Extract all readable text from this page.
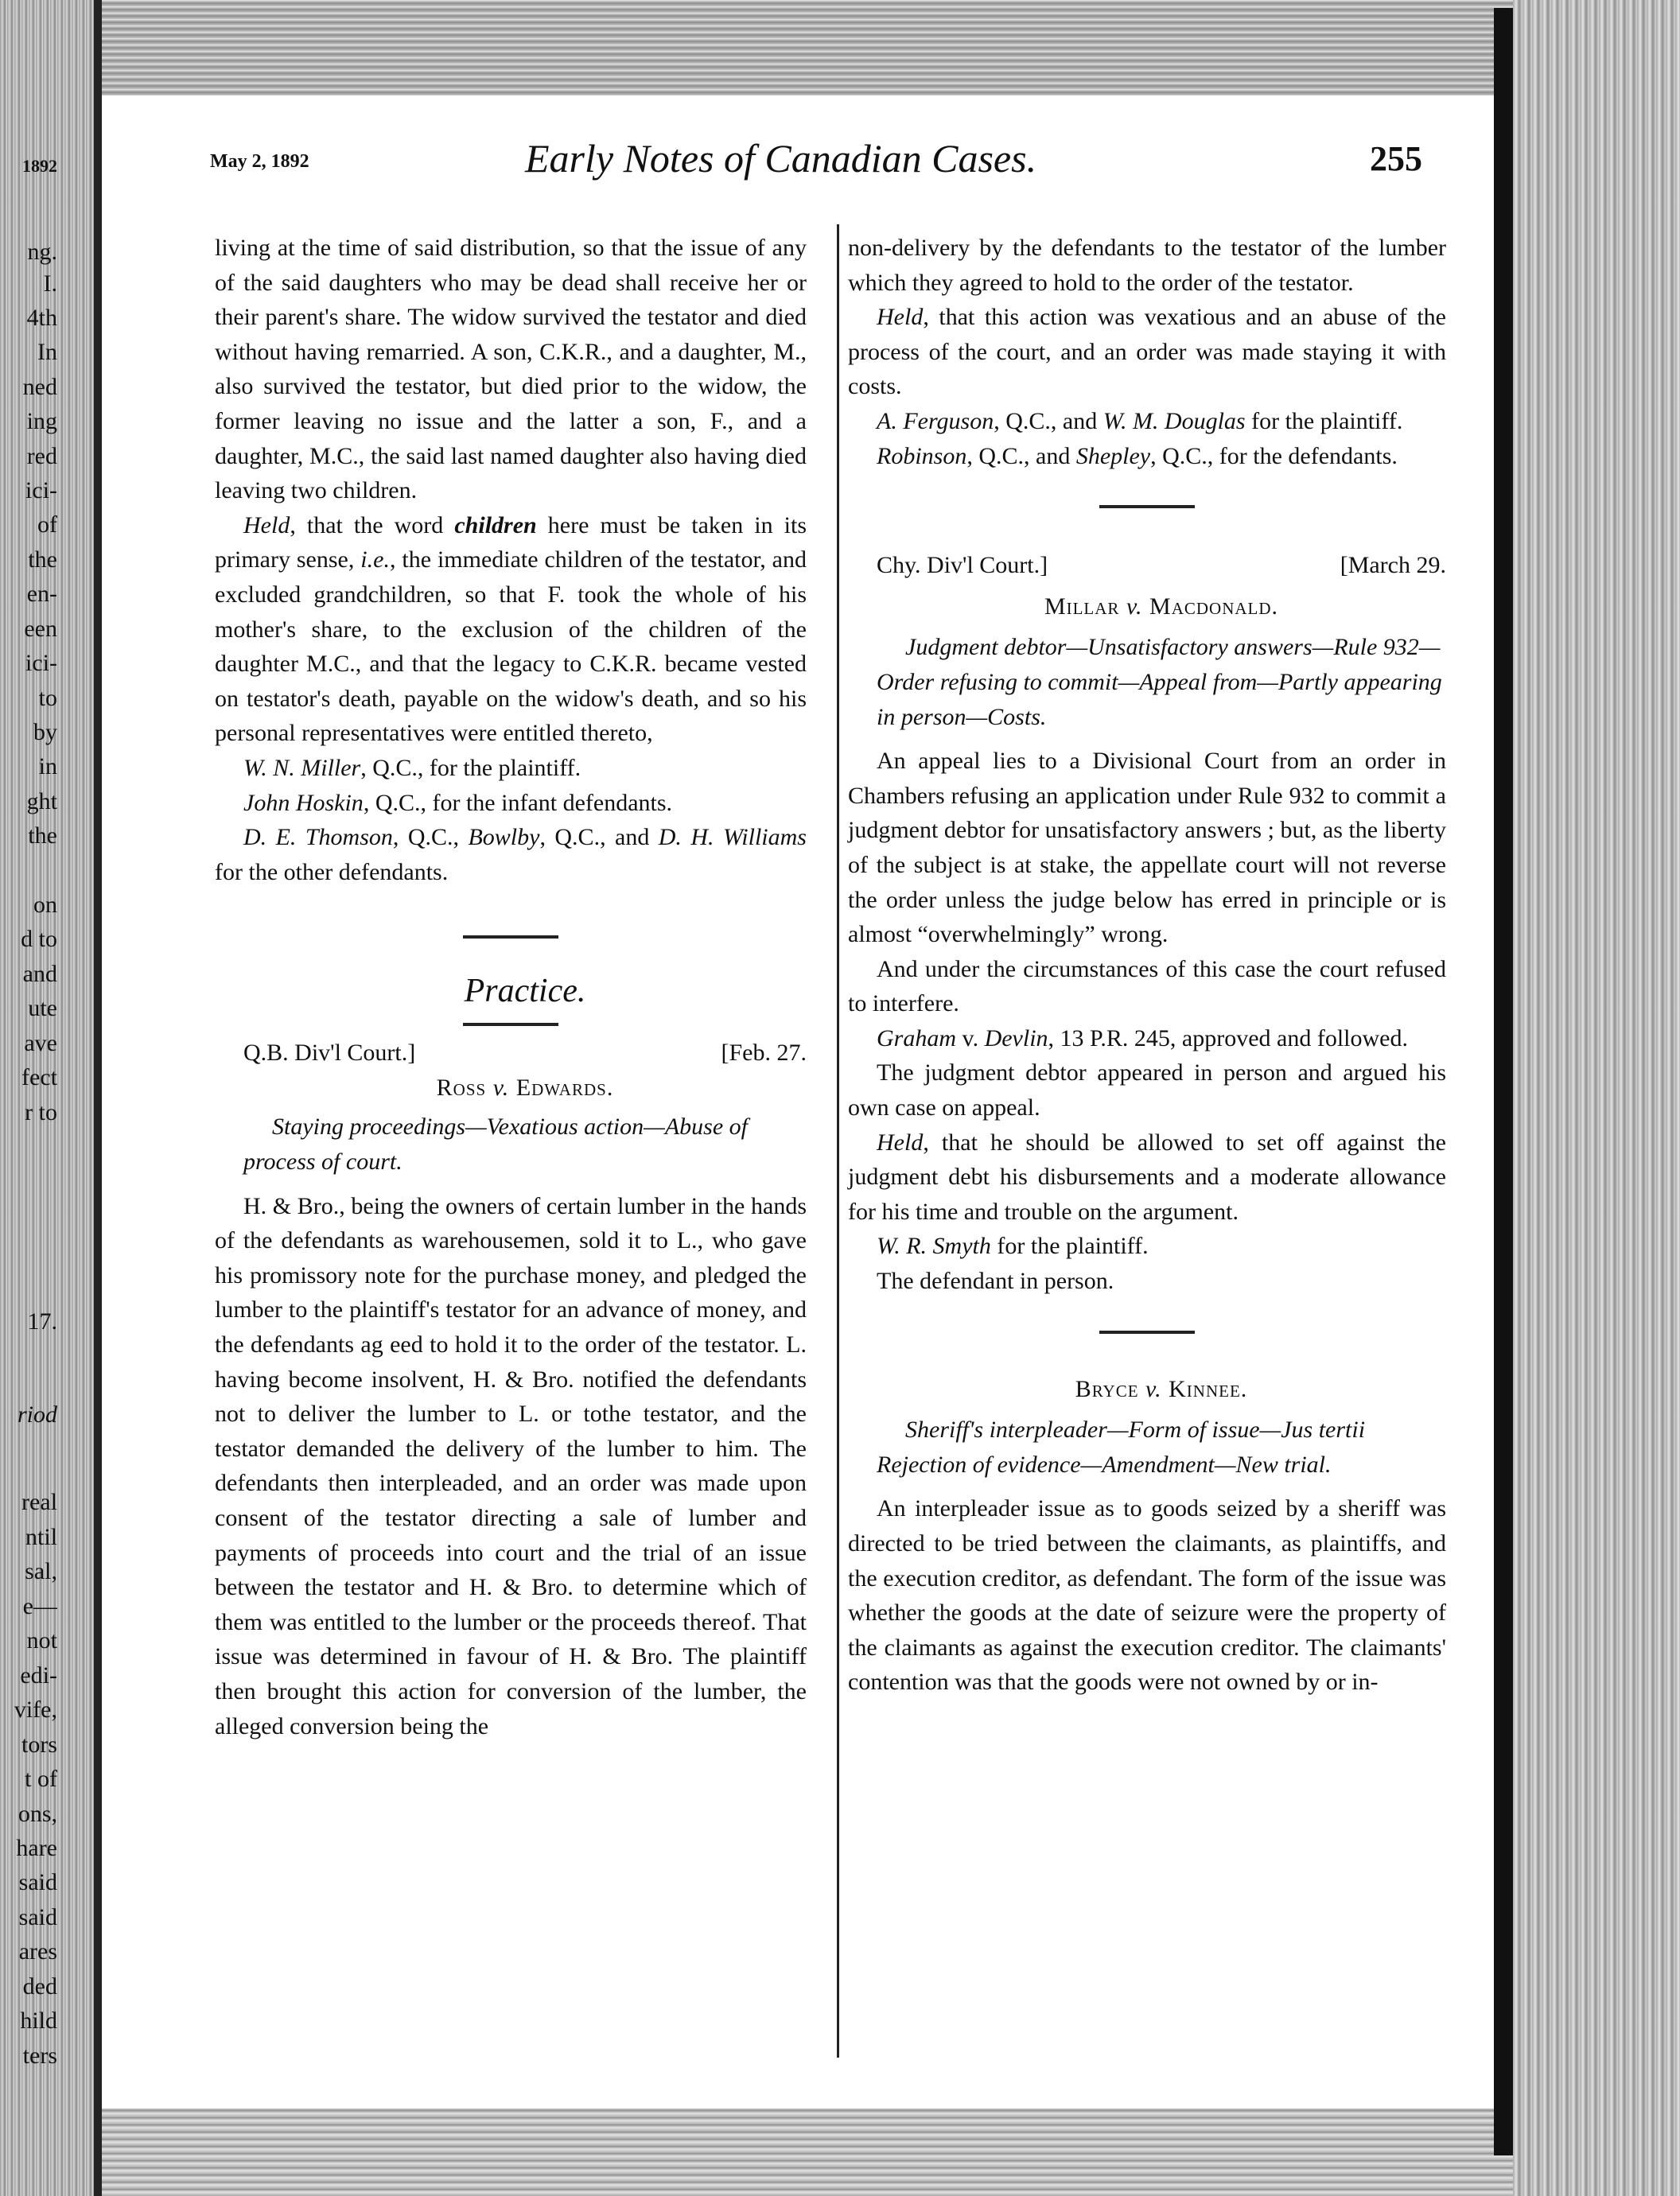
1892
ng.
I.
4th
In
ned
ing
red
ici-
of
the
en-
een
ici-
to
by
in
ght
the
on
d to
and
ute
ave
fect
r to
17.
riod
real
ntil
sal,
e—
not
edi-
vife,
tors
t of
ons,
hare
said
said
ares
ded
hild
ters
May 2, 1892	Early Notes of Canadian Cases.	255

living at the time of said distribution, so that the issue of any of the said daughters who may be dead shall receive her or their parent's share. The widow survived the testator and died without having remarried. A son, C.K.R., and a daughter, M., also survived the testator, but died prior to the widow, the former leaving no issue and the latter a son, F., and a daughter, M.C., the said last named daughter also having died leaving two children.

Held, that the word children here must be taken in its primary sense, i.e., the immediate children of the testator, and excluded grandchildren, so that F. took the whole of his mother's share, to the exclusion of the children of the daughter M.C., and that the legacy to C.K.R. became vested on testator's death, payable on the widow's death, and so his personal representatives were entitled thereto,

W. N. Miller, Q.C., for the plaintiff.

John Hoskin, Q.C., for the infant defendants.

D. E. Thomson, Q.C., Bowlby, Q.C., and D. H. Williams for the other defendants.

Practice.

Q.B. Div'l Court.]	[Feb. 27.

Ross v. Edwards.

Staying proceedings—Vexatious action—Abuse of process of court.

H. & Bro., being the owners of certain lumber in the hands of the defendants as warehousemen, sold it to L., who gave his promissory note for the purchase money, and pledged the lumber to the plaintiff's testator for an advance of money, and the defendants ag eed to hold it to the order of the testator. L. having become insolvent, H. & Bro. notified the defendants not to deliver the lumber to L. or tothe testator, and the testator demanded the delivery of the lumber to him. The defendants then interpleaded, and an order was made upon consent of the testator directing a sale of lumber and payments of proceeds into court and the trial of an issue between the testator and H. & Bro. to determine which of them was entitled to the lumber or the proceeds thereof. That issue was determined in favour of H. & Bro. The plaintiff then brought this action for conversion of the lumber, the alleged conversion being the

non-delivery by the defendants to the testator of the lumber which they agreed to hold to the order of the testator.

Held, that this action was vexatious and an abuse of the process of the court, and an order was made staying it with costs.

A. Ferguson, Q.C., and W. M. Douglas for the plaintiff.

Robinson, Q.C., and Shepley, Q.C., for the defendants.

Chy. Div'l Court.]	[March 29.

Millar v. Macdonald.

Judgment debtor—Unsatisfactory answers—Rule 932—Order refusing to commit—Appeal from—Partly appearing in person—Costs.

An appeal lies to a Divisional Court from an order in Chambers refusing an application under Rule 932 to commit a judgment debtor for unsatisfactory answers ; but, as the liberty of the subject is at stake, the appellate court will not reverse the order unless the judge below has erred in principle or is almost “overwhelmingly” wrong.

And under the circumstances of this case the court refused to interfere.

Graham v. Devlin, 13 P.R. 245, approved and followed.

The judgment debtor appeared in person and argued his own case on appeal.

Held, that he should be allowed to set off against the judgment debt his disbursements and a moderate allowance for his time and trouble on the argument.

W. R. Smyth for the plaintiff.

The defendant in person.

Bryce v. Kinnee.

Sheriff's interpleader—Form of issue—Jus tertii Rejection of evidence—Amendment—New trial.

An interpleader issue as to goods seized by a sheriff was directed to be tried between the claimants, as plaintiffs, and the execution creditor, as defendant. The form of the issue was whether the goods at the date of seizure were the property of the claimants as against the execution creditor. The claimants' contention was that the goods were not owned by or in-
